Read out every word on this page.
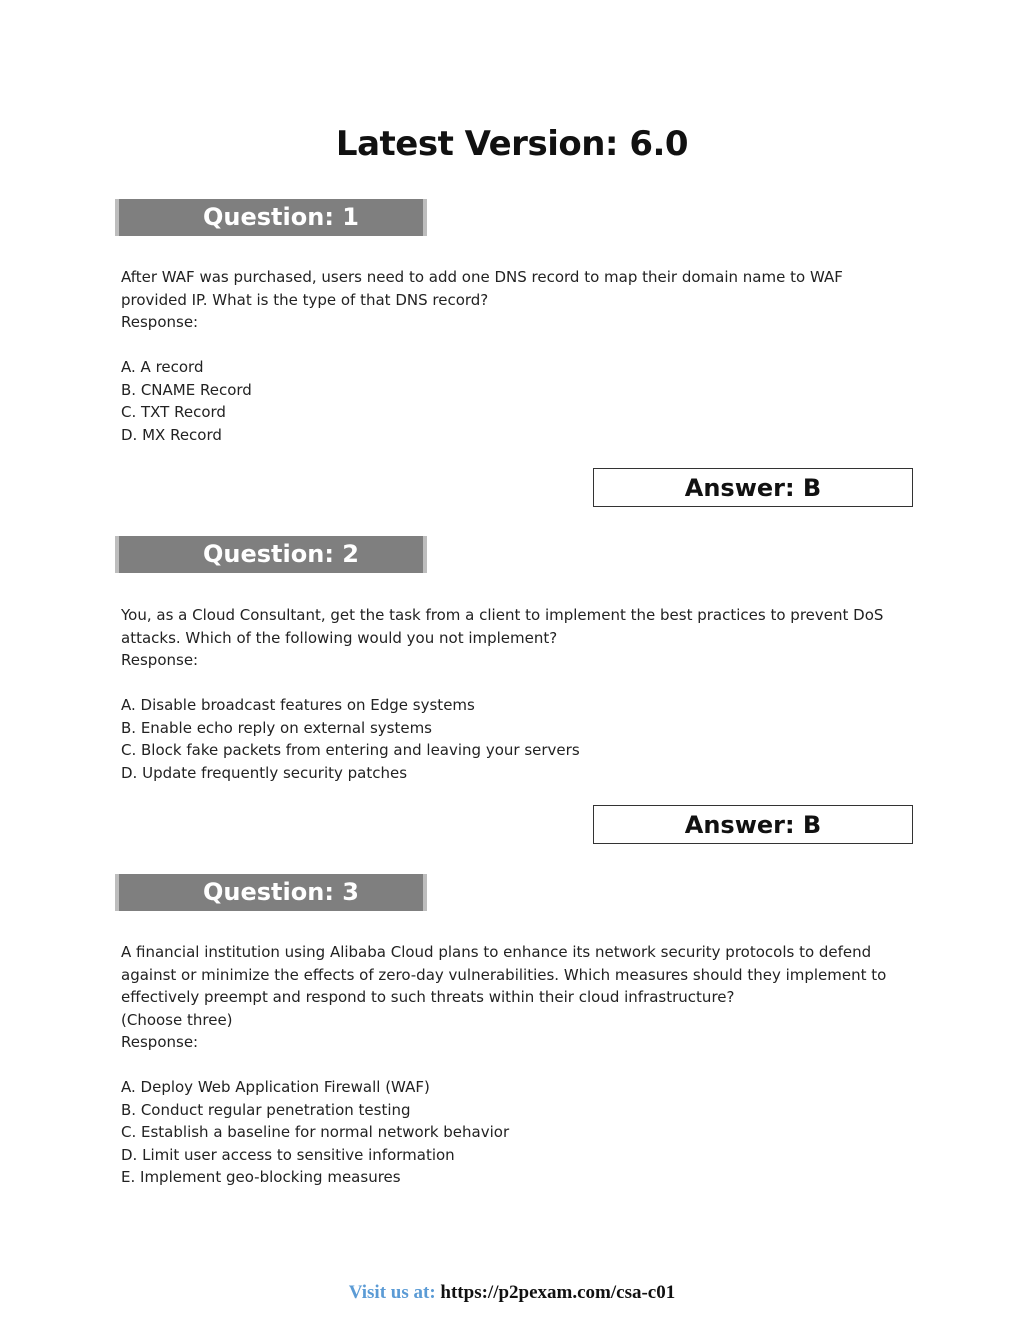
Latest Version: 6.0
Question: 1

After WAF was purchased, users need to add one DNS record to map their domain name to WAF

provided IP. What is the type of that DNS record?

Response:

A. A record

B. CNAME Record

C. TXT Record

D. MX Record

Answer: B
Question: 2

You, as a Cloud Consultant, get the task from a client to implement the best practices to prevent DoS

attacks. Which of the following would you not implement?

Response:

A. Disable broadcast features on Edge systems

B. Enable echo reply on external systems

C. Block fake packets from entering and leaving your servers

D. Update frequently security patches

Answer: B
Question: 3

A financial institution using Alibaba Cloud plans to enhance its network security protocols to defend

against or minimize the effects of zero-day vulnerabilities. Which measures should they implement to

effectively preempt and respond to such threats within their cloud infrastructure?

(Choose three)

Response:

A. Deploy Web Application Firewall (WAF)

B. Conduct regular penetration testing

C. Establish a baseline for normal network behavior

D. Limit user access to sensitive information

E. Implement geo-blocking measures

Visit us at: https://p2pexam.com/csa-c01
